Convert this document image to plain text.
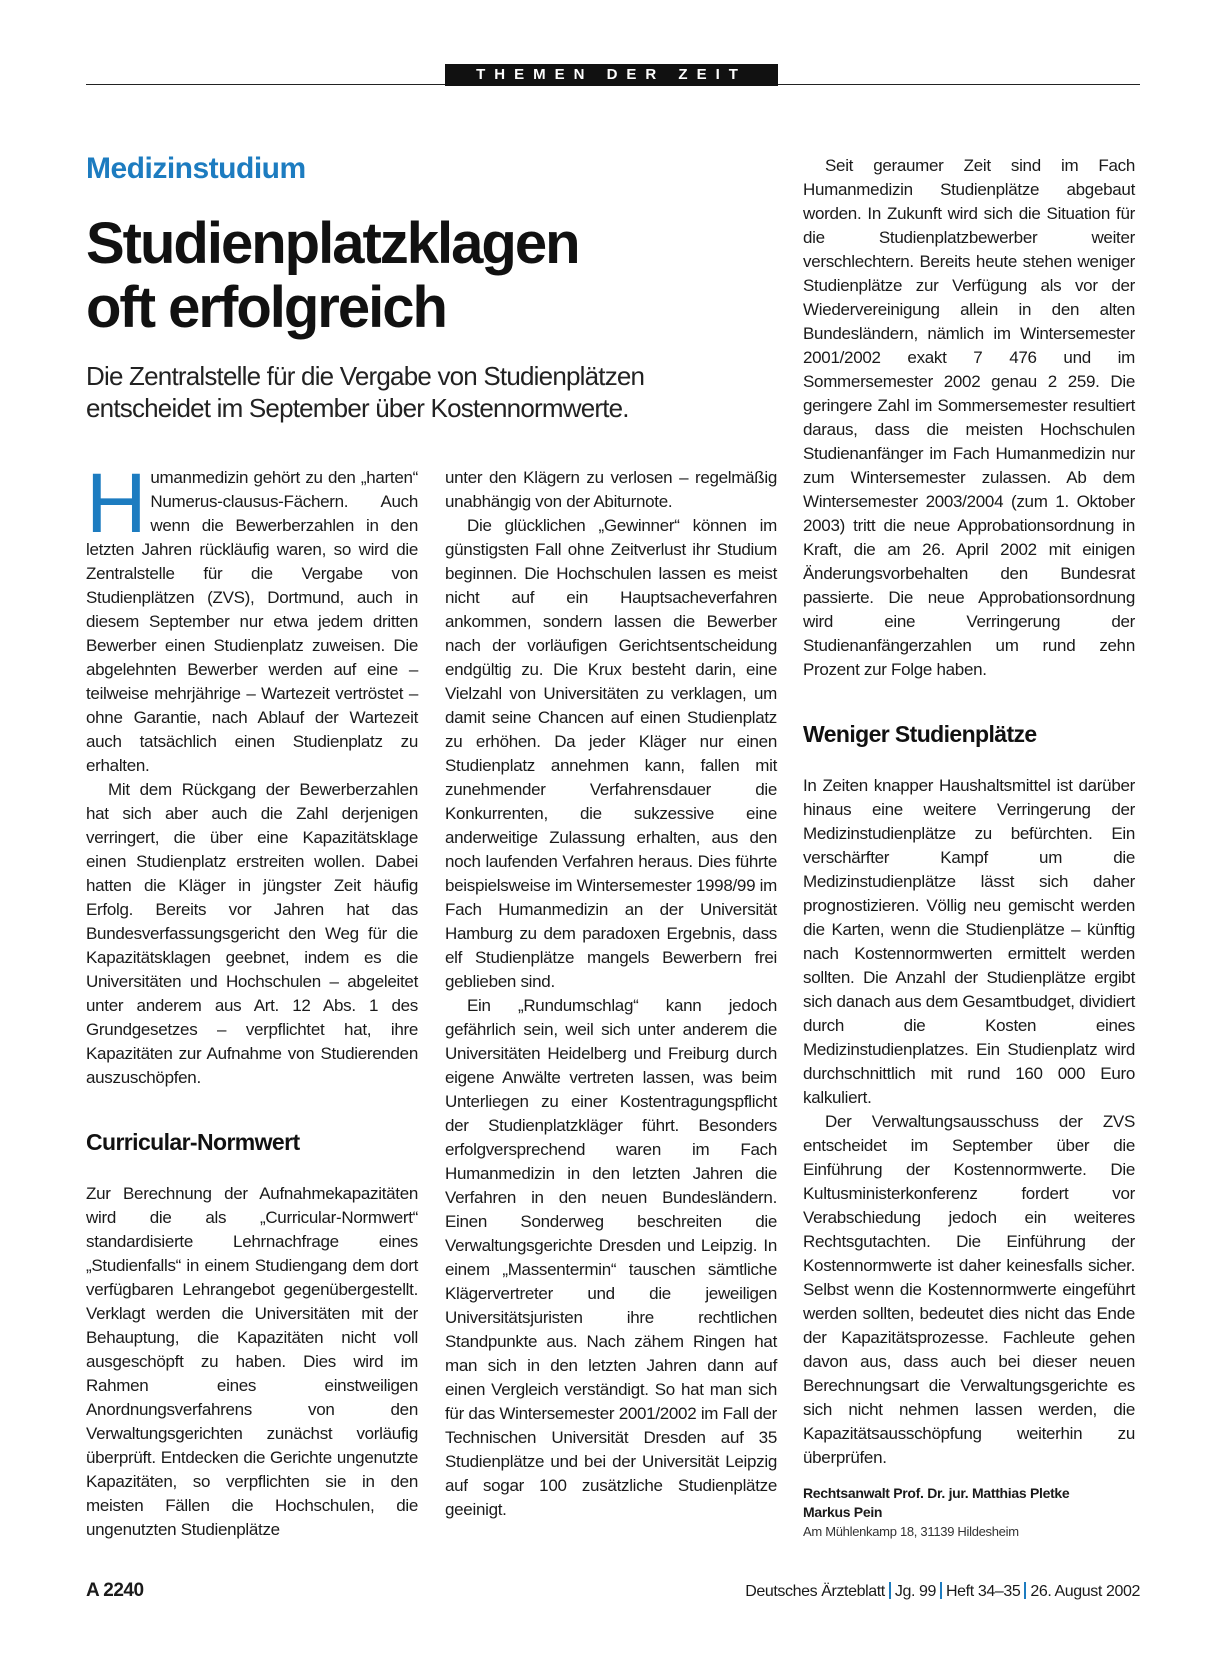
THEMEN DER ZEIT
Medizinstudium
Studienplatzklagen
oft erfolgreich
Die Zentralstelle für die Vergabe von Studienplätzen entscheidet im September über Kostennormwerte.

Humanmedizin gehört zu den „harten“ Numerus-clausus-Fächern. Auch wenn die Bewerberzahlen in den letzten Jahren rückläufig waren, so wird die Zentralstelle für die Vergabe von Studienplätzen (ZVS), Dortmund, auch in diesem September nur etwa jedem dritten Bewerber einen Studienplatz zuweisen. Die abgelehnten Bewerber werden auf eine – teilweise mehrjährige – Wartezeit vertröstet – ohne Garantie, nach Ablauf der Wartezeit auch tatsächlich einen Studienplatz zu erhalten.

Mit dem Rückgang der Bewerberzahlen hat sich aber auch die Zahl derjenigen verringert, die über eine Kapazitätsklage einen Studienplatz erstreiten wollen. Dabei hatten die Kläger in jüngster Zeit häufig Erfolg. Bereits vor Jahren hat das Bundesverfassungsgericht den Weg für die Kapazitätsklagen geebnet, indem es die Universitäten und Hochschulen – abgeleitet unter anderem aus Art. 12 Abs. 1 des Grundgesetzes – verpflichtet hat, ihre Kapazitäten zur Aufnahme von Studierenden auszuschöpfen.

Curricular-Normwert

Zur Berechnung der Aufnahmekapazitäten wird die als „Curricular-Normwert“ standardisierte Lehrnachfrage eines „Studienfalls“ in einem Studiengang dem dort verfügbaren Lehrangebot gegenübergestellt. Verklagt werden die Universitäten mit der Behauptung, die Kapazitäten nicht voll ausgeschöpft zu haben. Dies wird im Rahmen eines einstweiligen Anordnungsverfahrens von den Verwaltungsgerichten zunächst vorläufig überprüft. Entdecken die Gerichte ungenutzte Kapazitäten, so verpflichten sie in den meisten Fällen die Hochschulen, die ungenutzten Studienplätze

unter den Klägern zu verlosen – regelmäßig unabhängig von der Abiturnote.

Die glücklichen „Gewinner“ können im günstigsten Fall ohne Zeitverlust ihr Studium beginnen. Die Hochschulen lassen es meist nicht auf ein Hauptsacheverfahren ankommen, sondern lassen die Bewerber nach der vorläufigen Gerichtsentscheidung endgültig zu. Die Krux besteht darin, eine Vielzahl von Universitäten zu verklagen, um damit seine Chancen auf einen Studienplatz zu erhöhen. Da jeder Kläger nur einen Studienplatz annehmen kann, fallen mit zunehmender Verfahrensdauer die Konkurrenten, die sukzessive eine anderweitige Zulassung erhalten, aus den noch laufenden Verfahren heraus. Dies führte beispielsweise im Wintersemester 1998/99 im Fach Humanmedizin an der Universität Hamburg zu dem paradoxen Ergebnis, dass elf Studienplätze mangels Bewerbern frei geblieben sind.

Ein „Rundumschlag“ kann jedoch gefährlich sein, weil sich unter anderem die Universitäten Heidelberg und Freiburg durch eigene Anwälte vertreten lassen, was beim Unterliegen zu einer Kostentragungspflicht der Studienplatzkläger führt. Besonders erfolgversprechend waren im Fach Humanmedizin in den letzten Jahren die Verfahren in den neuen Bundesländern. Einen Sonderweg beschreiten die Verwaltungsgerichte Dresden und Leipzig. In einem „Massentermin“ tauschen sämtliche Klägervertreter und die jeweiligen Universitätsjuristen ihre rechtlichen Standpunkte aus. Nach zähem Ringen hat man sich in den letzten Jahren dann auf einen Vergleich verständigt. So hat man sich für das Wintersemester 2001/2002 im Fall der Technischen Universität Dresden auf 35 Studienplätze und bei der Universität Leipzig auf sogar 100 zusätzliche Studienplätze geeinigt.

Seit geraumer Zeit sind im Fach Humanmedizin Studienplätze abgebaut worden. In Zukunft wird sich die Situation für die Studienplatzbewerber weiter verschlechtern. Bereits heute stehen weniger Studienplätze zur Verfügung als vor der Wiedervereinigung allein in den alten Bundesländern, nämlich im Wintersemester 2001/2002 exakt 7 476 und im Sommersemester 2002 genau 2 259. Die geringere Zahl im Sommersemester resultiert daraus, dass die meisten Hochschulen Studienanfänger im Fach Humanmedizin nur zum Wintersemester zulassen. Ab dem Wintersemester 2003/2004 (zum 1. Oktober 2003) tritt die neue Approbationsordnung in Kraft, die am 26. April 2002 mit einigen Änderungsvorbehalten den Bundesrat passierte. Die neue Approbationsordnung wird eine Verringerung der Studienanfängerzahlen um rund zehn Prozent zur Folge haben.

Weniger Studienplätze

In Zeiten knapper Haushaltsmittel ist darüber hinaus eine weitere Verringerung der Medizinstudienplätze zu befürchten. Ein verschärfter Kampf um die Medizinstudienplätze lässt sich daher prognostizieren. Völlig neu gemischt werden die Karten, wenn die Studienplätze – künftig nach Kostennormwerten ermittelt werden sollten. Die Anzahl der Studienplätze ergibt sich danach aus dem Gesamtbudget, dividiert durch die Kosten eines Medizinstudienplatzes. Ein Studienplatz wird durchschnittlich mit rund 160 000 Euro kalkuliert.

Der Verwaltungsausschuss der ZVS entscheidet im September über die Einführung der Kostennormwerte. Die Kultusministerkonferenz fordert vor Verabschiedung jedoch ein weiteres Rechtsgutachten. Die Einführung der Kostennormwerte ist daher keinesfalls sicher. Selbst wenn die Kostennormwerte eingeführt werden sollten, bedeutet dies nicht das Ende der Kapazitätsprozesse. Fachleute gehen davon aus, dass auch bei dieser neuen Berechnungsart die Verwaltungsgerichte es sich nicht nehmen lassen werden, die Kapazitätsausschöpfung weiterhin zu überprüfen.

Rechtsanwalt Prof. Dr. jur. Matthias Pletke
Markus Pein
Am Mühlenkamp 18, 31139 Hildesheim
A 2240	Deutsches Ärzteblatt Jg. 99 Heft 34–35 26. August 2002
